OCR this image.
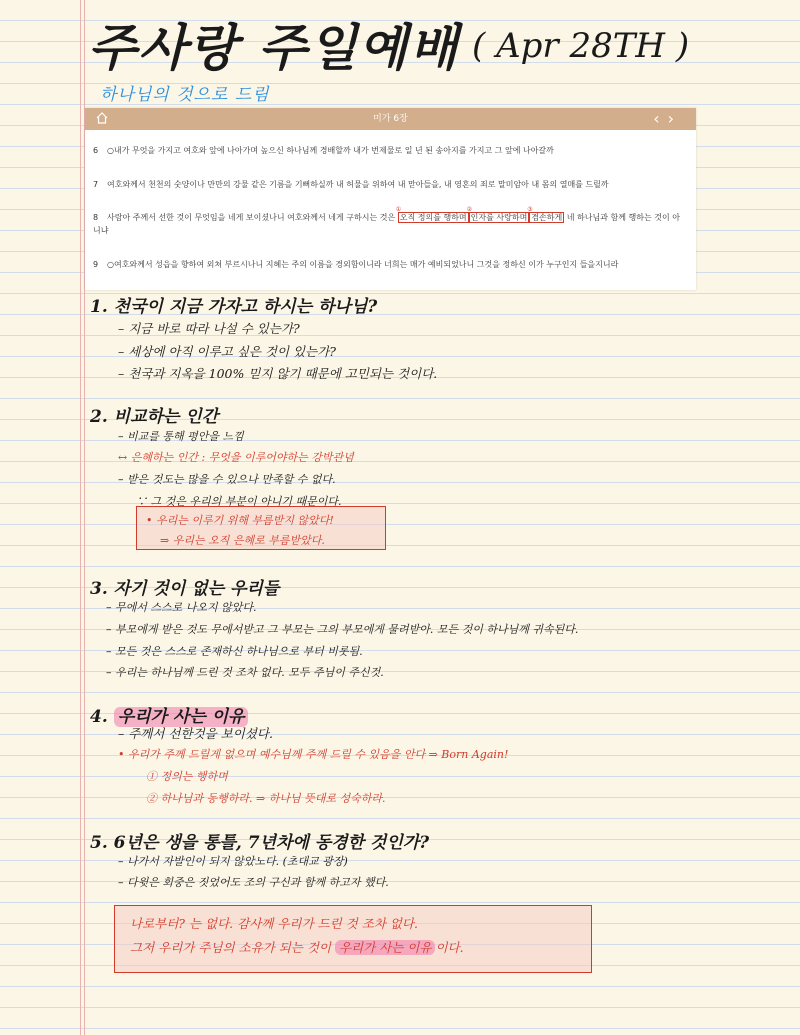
주사랑 주일예배 ( Apr 28TH )
하나님의 것으로 드림
미가 6장	‹›
6 ○내가 무엇을 가지고 여호와 앞에 나아가며 높으신 하나님께 경배할까 내가 번제물로 일 년 된 송아지를 가지고 그 앞에 나아갈까
7 여호와께서 천천의 숫양이나 만만의 강물 같은 기름을 기뻐하실까 내 허물을 위하여 내 맏아들을, 내 영혼의 죄로 말미암아 내 몸의 열매를 드릴까
8 사람아 주께서 선한 것이 무엇임을 네게 보이셨나니 여호와께서 네게 구하시는 것은
①
오직 정의를 행하며
②
인자를 사랑하며
③
겸손하게 네 하나님과 함께 행하는 것이 아니냐
9 ○여호와께서 성읍을 향하여 외쳐 부르시나니 지혜는 주의 이름을 경외함이니라 너희는 매가 예비되었나니 그것을 정하신 이가 누구인지 들을지니라
1. 천국이 지금 가자고 하시는 하나님?
– 지금 바로 따라 나설 수 있는가?
– 세상에 아직 이루고 싶은 것이 있는가?
– 천국과 지옥을 100% 믿지 않기 때문에 고민되는 것이다.
2. 비교하는 인간
– 비교를 통해 평안을 느낌
↔ 은혜하는 인간 : 무엇을 이루어야하는 강박관념
– 받은 것도는 많을 수 있으나 만족할 수 없다.
∵ 그 것은 우리의 부분이 아니기 때문이다.
• 우리는 이루기 위해 부름받지 않았다!
⇒ 우리는 오직 은혜로 부름받았다.
3. 자기 것이 없는 우리들
– 무에서 스스로 나오지 않았다.
– 부모에게 받은 것도 무에서받고 그 부모는 그의 부모에게 물려받아. 모든 것이 하나님께 귀속된다.
– 모든 것은 스스로 존재하신 하나님으로 부터 비롯됨.
– 우리는 하나님께 드린 것 조차 없다. 모두 주님이 주신것.
4. 우리가 사는 이유
– 주께서 선한것을 보이셨다.
• 우리가 주께 드릴게 없으며 예수님께 주께 드릴 수 있음을 안다 ⇒ Born Again!
① 정의는 행하며
② 하나님과 동행하라. ⇒ 하나님 뜻대로 성숙하라.
5. 6년은 생을 통틀, 7년차에 동경한 것인가?
– 나가서 자발인이 되지 않았노다. (초대교 광장)
– 다윗은 회중은 짓었어도 조의 구신과 함께 하고자 했다.
나로부터? 는 없다. 감사께 우리가 드린 것 조차 없다.
그저 우리가 주님의 소유가 되는 것이 우리가 사는 이유 이다.
